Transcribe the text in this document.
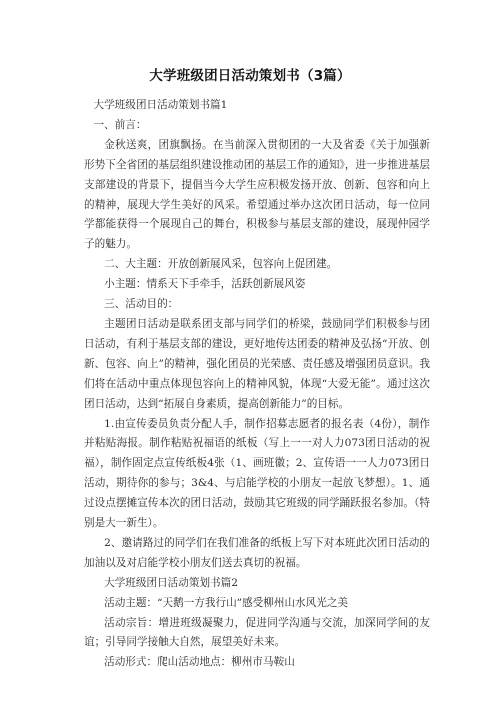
大学班级团日活动策划书（3篇）

大学班级团日活动策划书篇1

一、前言：

金秋送爽，团旗飘扬。在当前深入贯彻团的一大及省委《关于加强新形势下全省团的基层组织建设推动团的基层工作的通知》，进一步推进基层支部建设的背景下，提倡当今大学生应积极发扬开放、创新、包容和向上的精神，展现大学生美好的风采。希望通过举办这次团日活动，每一位同学都能获得一个展现自己的舞台，积极参与基层支部的建设，展现仲园学子的魅力。

二、大主题：开放创新展风采，包容向上促团建。

小主题：情系天下手牵手，活跃创新展风姿

三、活动目的：

主题团日活动是联系团支部与同学们的桥梁，鼓励同学们积极参与团日活动，有利于基层支部的建设，更好地传达团委的精神及弘扬“开放、创新、包容、向上”的精神，强化团员的光荣感、责任感及增强团员意识。我们将在活动中重点体现包容向上的精神风貌，体现“大爱无能”。通过这次团日活动，达到“拓展自身素质，提高创新能力”的目标。

1.由宣传委员负责分配人手，制作招募志愿者的报名表（4份），制作并粘贴海报。制作粘贴祝福语的纸板（写上一一对人力073团日活动的祝福），制作固定点宣传纸板4张（1、画班徽；2、宣传语一一人力073团日活动，期待你的参与；3&4、与启能学校的小朋友一起放飞梦想）。1、通过设点摆摊宣传本次的团日活动，鼓励其它班级的同学踊跃报名参加。（特别是大一新生）。

2、邀请路过的同学们在我们准备的纸板上写下对本班此次团日活动的加油以及对启能学校小朋友们送去真切的祝福。

大学班级团日活动策划书篇2

活动主题：“天鹅一方我行山”感受柳州山水风光之美

活动宗旨：增进班级凝聚力，促进同学沟通与交流，加深同学间的友谊；引导同学接触大自然，展望美好未来。

活动形式：爬山活动地点：柳州市马鞍山
